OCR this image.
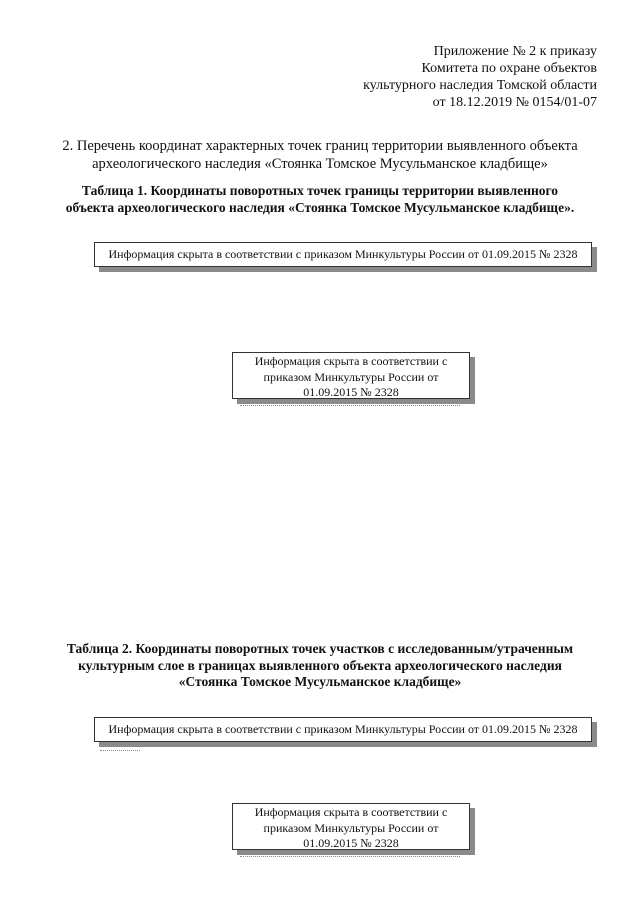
Приложение № 2 к приказу
Комитета по охране объектов
культурного наследия Томской области
от 18.12.2019 № 0154/01-07
2. Перечень координат характерных точек границ территории выявленного объекта
археологического наследия «Стоянка Томское Мусульманское кладбище»
Таблица 1. Координаты поворотных точек границы территории выявленного
объекта археологического наследия «Стоянка Томское Мусульманское кладбище».
Информация скрыта в соответствии с приказом Минкультуры России от 01.09.2015 № 2328
Информация скрыта в соответствии с
приказом Минкультуры России от
01.09.2015 № 2328
Таблица 2. Координаты поворотных точек участков с исследованным/утраченным
культурным слое в границах выявленного объекта археологического наследия
«Стоянка Томское Мусульманское кладбище»
Информация скрыта в соответствии с приказом Минкультуры России от 01.09.2015 № 2328
Информация скрыта в соответствии с
приказом Минкультуры России от
01.09.2015 № 2328
